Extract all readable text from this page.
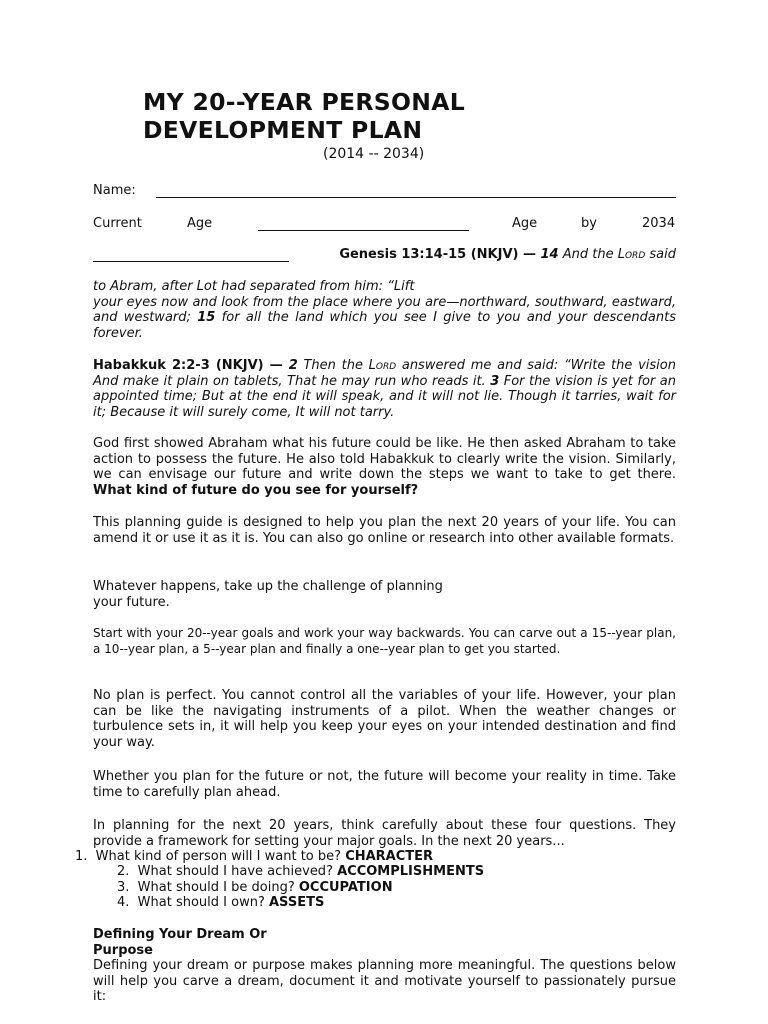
MY 20--YEAR PERSONAL
DEVELOPMENT PLAN
(2014 -- 2034)
Name:
Current	Age	Age	by	2034
Genesis 13:14-15 (NKJV) — 14 And the Lord said
to Abram, after Lot had separated from him: “Lift
your eyes now and look from the place where you are—northward, southward, eastward, and westward; 15 for all the land which you see I give to you and your descendants forever.
Habakkuk 2:2-3 (NKJV) — 2 Then the Lord answered me and said: “Write the vision And make it plain on tablets, That he may run who reads it. 3 For the vision is yet for an appointed time; But at the end it will speak, and it will not lie. Though it tarries, wait for it; Because it will surely come, It will not tarry.
God first showed Abraham what his future could be like. He then asked Abraham to take action to possess the future. He also told Habakkuk to clearly write the vision. Similarly, we can envisage our future and write down the steps we want to take to get there. What kind of future do you see for yourself?
This planning guide is designed to help you plan the next 20 years of your life. You can amend it or use it as it is. You can also go online or research into other available formats.
Whatever happens, take up the challenge of planning
your future.
Start with your 20--year goals and work your way backwards. You can carve out a 15--year plan, a 10--year plan, a 5--year plan and finally a one--year plan to get you started.
No plan is perfect. You cannot control all the variables of your life. However, your plan can be like the navigating instruments of a pilot. When the weather changes or turbulence sets in, it will help you keep your eyes on your intended destination and find your way.
Whether you plan for the future or not, the future will become your reality in time. Take time to carefully plan ahead.
In planning for the next 20 years, think carefully about these four questions. They provide a framework for setting your major goals. In the next 20 years...
1. What kind of person will I want to be? CHARACTER
2. What should I have achieved? ACCOMPLISHMENTS
3. What should I be doing? OCCUPATION
4. What should I own? ASSETS
Defining Your Dream Or
Purpose
Defining your dream or purpose makes planning more meaningful. The questions below will help you carve a dream, document it and motivate yourself to passionately pursue it:
